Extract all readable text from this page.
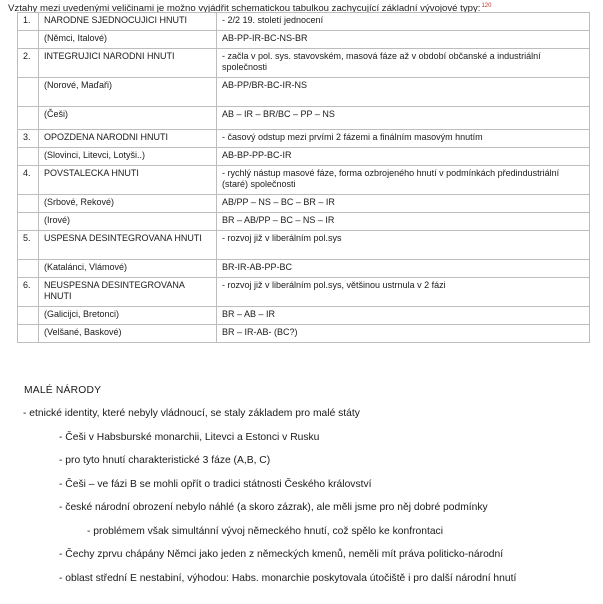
Vztahy mezi uvedenými veličinami je možno vyjádřit schematickou tabulkou zachycující základní vývojové typy:$^{120}$
1.	NARODNE SJEDNOCUJICI HNUTI	- 2/2 19. století jednocení
	(Němci, Italové)	AB-PP-IR-BC-NS-BR
2.	INTEGRUJICI NARODNI HNUTI	- začla v pol. sys. stavovském, masová fáze až v období občanské a industriální společnosti
	(Norové, Maďaři)	AB-PP/BR-BC-IR-NS
	(Češi)	AB – IR – BR/BC – PP – NS
3.	OPOZDENA NARODNI HNUTI	- časový odstup mezi prvími 2 fázemi a finálním masovým hnutím
	(Slovinci, Litevci, Lotyši..)	AB-BP-PP-BC-IR
4.	POVSTALECKA HNUTI	- rychlý nástup masové fáze, forma ozbrojeného hnutí v podmínkách předindustriální (staré) společnosti
	(Srbové, Rekové)	AB/PP – NS – BC – BR – IR
	(Irové)	BR – AB/PP – BC – NS – IR
5.	USPESNA DESINTEGROVANA HNUTI	- rozvoj již v liberálním pol.sys
	(Katalánci, Vlámové)	BR-IR-AB-PP-BC
6.	NEUSPESNA DESINTEGROVANA HNUTI	- rozvoj již v liberálním pol.sys, většinou ustrnula v 2 fázi
	(Galicijci, Bretonci)	BR – AB – IR
	(Velšané, Baskové)	BR – IR-AB- (BC?)
MALÉ NÁRODY
- etnické identity, které nebyly vládnoucí, se staly základem pro malé státy
- Češi v Habsburské monarchii, Litevci a Estonci v Rusku
- pro tyto hnutí charakteristické 3 fáze (A,B, C)
- Češi – ve fázi B se mohli opřít o tradici státnosti Českého království
- české národní obrození nebylo náhlé (a skoro zázrak), ale měli jsme pro něj dobré podmínky
- problémem však simultánní vývoj německého hnutí, což spělo ke konfrontaci
- Čechy zprvu chápány Němci jako jeden z německých kmenů, neměli mít práva politicko-národní
- oblast střední E nestabiní, výhodou: Habs. monarchie poskytovala útočiště i pro další národní hnutí
